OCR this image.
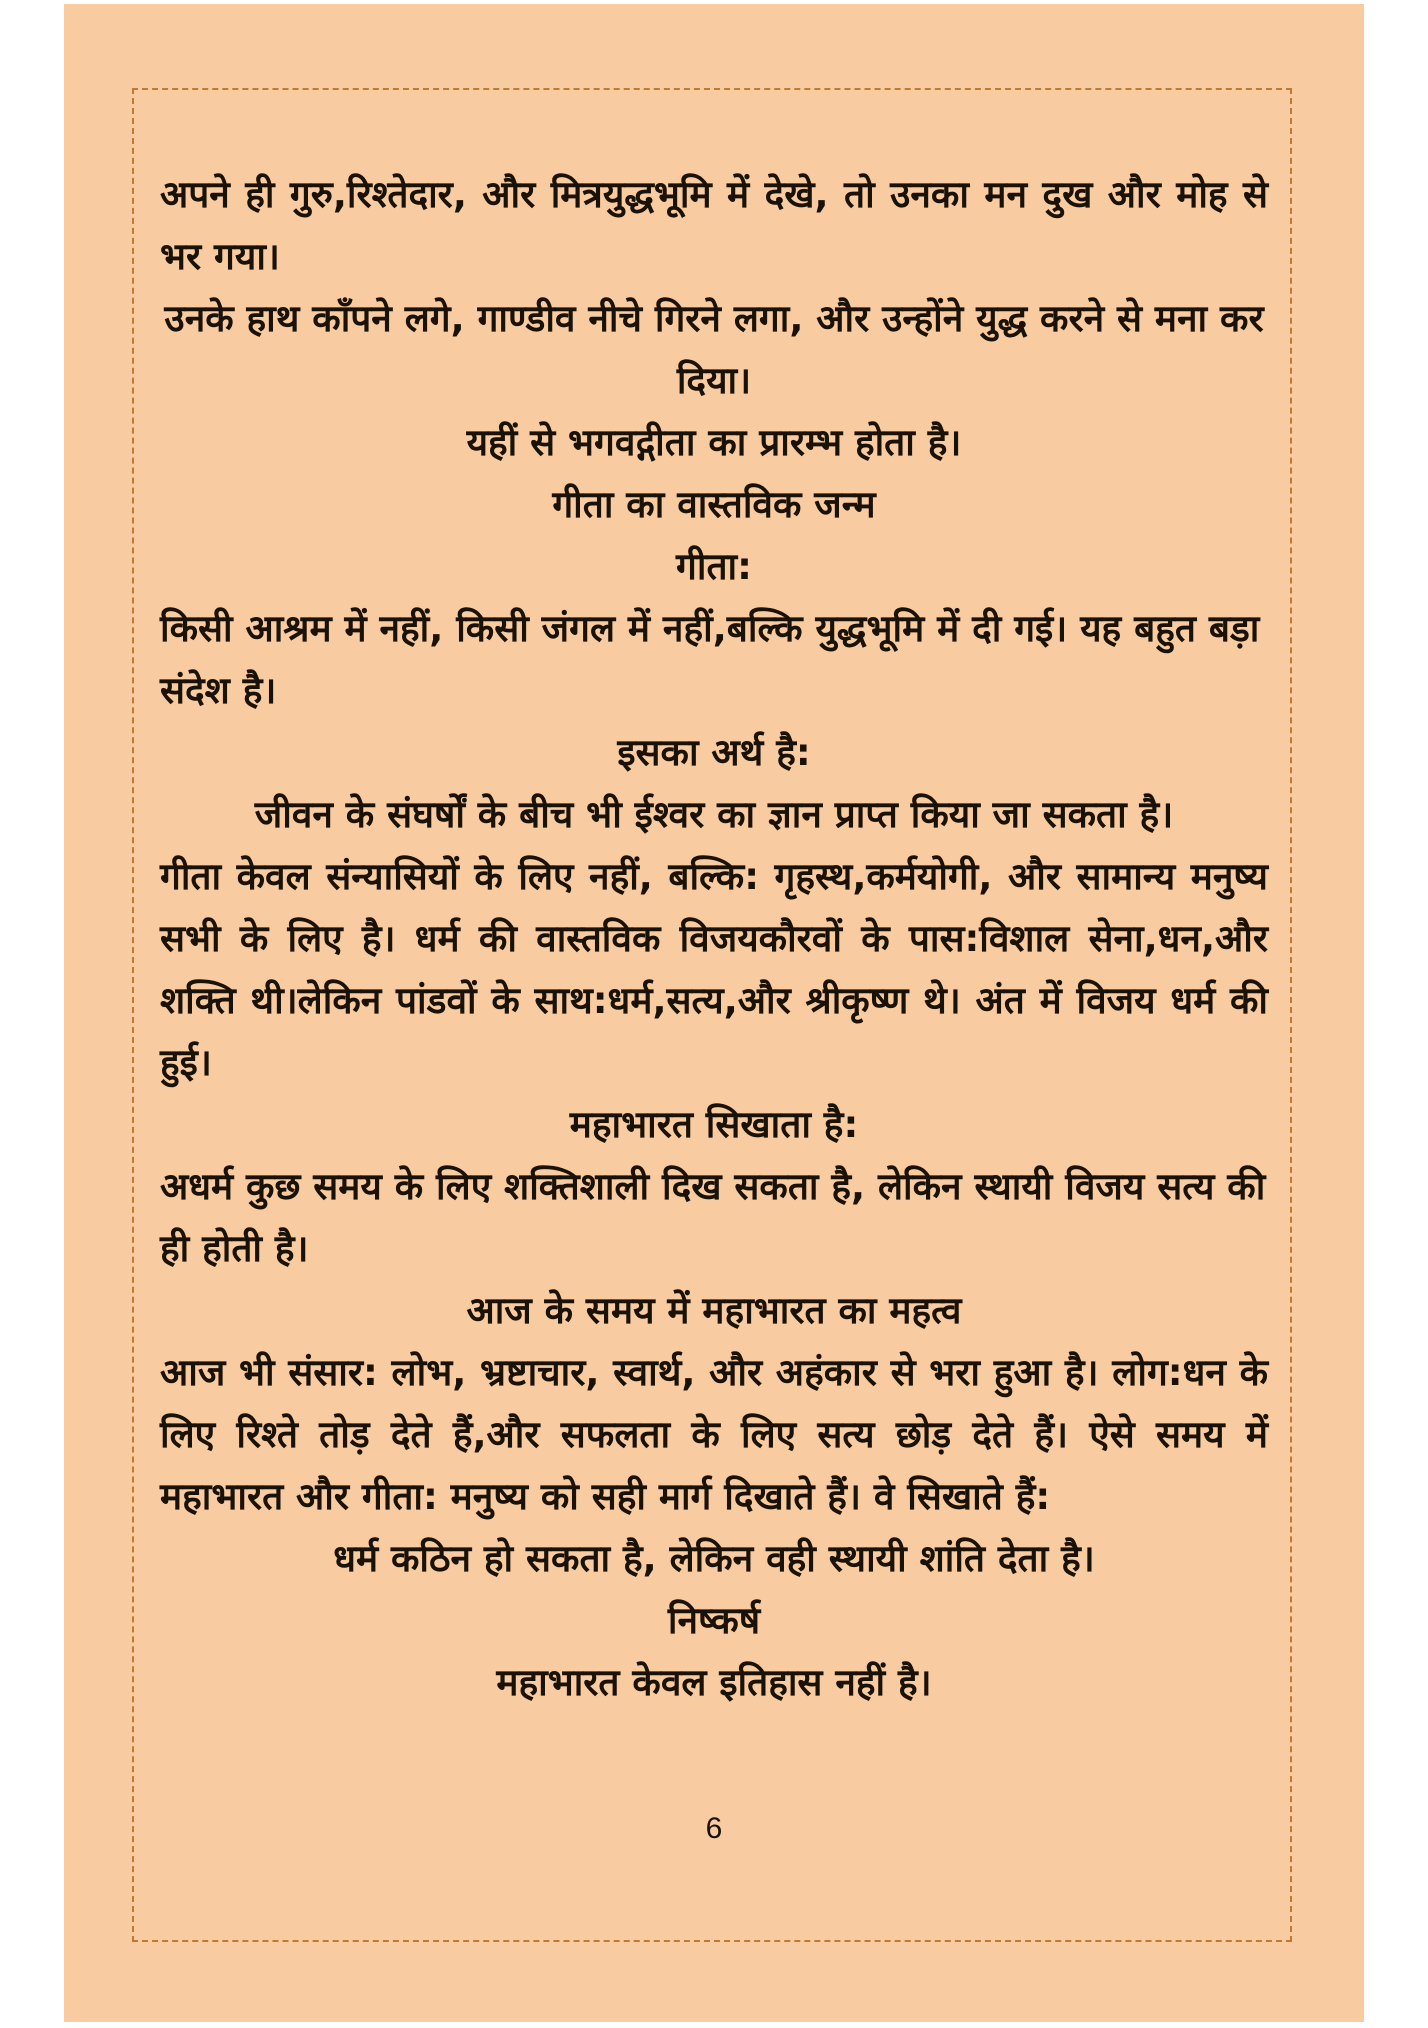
अपने ही गुरु,रिश्तेदार, और मित्रयुद्धभूमि में देखे, तो उनका मन दुख और मोह से भर गया।

उनके हाथ काँपने लगे, गाण्डीव नीचे गिरने लगा, और उन्होंने युद्ध करने से मना कर दिया।

यहीं से भगवद्गीता का प्रारम्भ होता है।

गीता का वास्तविक जन्म

गीता:

किसी आश्रम में नहीं, किसी जंगल में नहीं,बल्कि युद्धभूमि में दी गई। यह बहुत बड़ा संदेश है।

इसका अर्थ है:

जीवन के संघर्षों के बीच भी ईश्वर का ज्ञान प्राप्त किया जा सकता है।

गीता केवल संन्यासियों के लिए नहीं, बल्कि: गृहस्थ,कर्मयोगी, और सामान्य मनुष्य सभी के लिए है। धर्म की वास्तविक विजयकौरवों के पास:विशाल सेना,धन,और शक्ति थी।लेकिन पांडवों के साथ:धर्म,सत्य,और श्रीकृष्ण थे। अंत में विजय धर्म की हुई।

महाभारत सिखाता है:

अधर्म कुछ समय के लिए शक्तिशाली दिख सकता है, लेकिन स्थायी विजय सत्य की ही होती है।

आज के समय में महाभारत का महत्व

आज भी संसार: लोभ, भ्रष्टाचार, स्वार्थ, और अहंकार से भरा हुआ है। लोग:धन के लिए रिश्ते तोड़ देते हैं,और सफलता के लिए सत्य छोड़ देते हैं। ऐसे समय में महाभारत और गीता: मनुष्य को सही मार्ग दिखाते हैं। वे सिखाते हैं:

धर्म कठिन हो सकता है, लेकिन वही स्थायी शांति देता है।

निष्कर्ष

महाभारत केवल इतिहास नहीं है।

6
